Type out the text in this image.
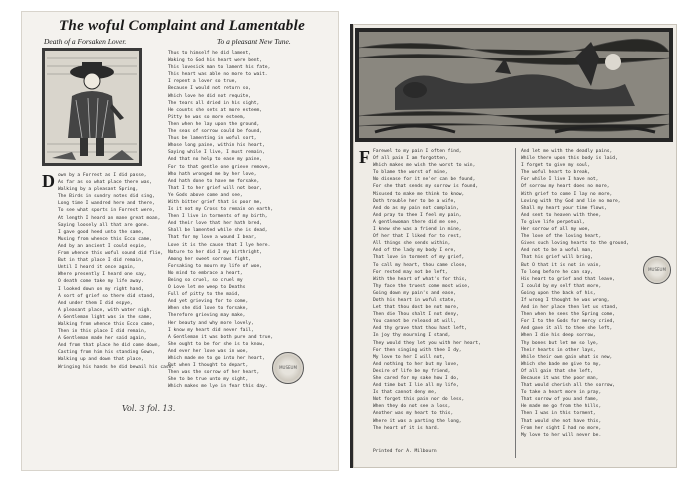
The woful Complaint and Lamentable
Death of a Forsaken Lover.	To a pleasant New Tune.
Thus to himself he did lament,
Waking to God his heart were bent,
This lovesick man to lament his fate,
This heart was able no more to wait.
I repent a lover so true,
Because I would not return so,
Which love he did not requite,
The tears all dried in his sight,
He counts she sets at more esteem,
Pitty he was so more esteem,
Then when he lay upon the ground,
The seas of sorrow could be found,
Thus be lamenting in woful sort,
Whose long paine, within his heart,
Saying while I live, I must remain,
And that no help to ease my paine,
For to that gentle one grieve remove,
Who hath wronged me by her love,
And hath done to have me forsake,
That I to her grief will not bear,
Ye Gods above come and see,
With bitter grief that is poor me,
Is it not my Cross to remain on earth,
Then I live in torments of my birth,
And their love that her hath bred,
Shall be lamented while she is dead,
That for my love a wound I bear,
Love it is the cause that I lye here.
Nature to her did I my birthright,
Among her sweet sorrows fight,
Forsaking to mourn my life of woe,
No mind to embrace a heart,
Being so cruel, so cruel my
O Love let me weep to Deaths
Full of pitty to the maid,
And yet grieving for to come,
When she did love to forsake,
Therefore grieving may make,
Her beauty and why more lovely,
I know my heart did never fail,
A Gentleman it was both pure and true,
She ought to be for she is to know,
And ever her love was in woe,
Which made me to go into her heart,
But when I thought to depart,
Then was the sorrow of her heart,
She to be true unto my sight,
Which makes me lye in fear this day.
D own by a Forrest as I did passe,
As far as so what place there was,
Walking by a pleasant Spring,
The Birds in sundry notes did sing,
Long time I wandred here and there,
To see what sports in Forrest were,
At length I heard an mane great moan,
Saying loosely all that are gone.
I gave good heed unto the same,
Musing from whence this Ecco came,
And by an ancient I could espie,
From whence this woful sound did flie,
But in that place I did remain,
Until I heard it once again,
Where presently I heard one say,
O death come take my life away.
I looked down on my right hand,
A sort of grief so there did stand,
And under them I did espye,
A pleasant place, with water nigh.
A Gentleman light was in the same,
Walking from whence this Ecco came,
Then in this place I did remain,
A Gentleman made her said again,
And from that place he did come down,
Casting from him his standing Gown,
Walking up and down that place,
Wringing his hands he did bewail his case.	MUSEUM
Vol. 3 fol. 13.
F Farewel to my pain I often find,
Of all pain I am forgotten,
Which makes me wish the worst to win,
To blame the worst of mine,
No disease for it ne'er can be found,
For she that sends my sorrow is found,
Misused to make me think to know,
Doth trouble her to be a wife,
And do as my pain not complain,
And pray to thee I feel my pain,
A gentlewoman there did me see,
I knew she was a friend in mine,
Of her that I liked for to rest,
All things she sends within,
And of the lady my body I ere,
That love in torment of my grief,
To call my heart, thou came close,
For rested may not be left,
With the heart of what's for this,
Thy face the truest come most wise,
Going down my pain's and ease,
Doth his heart in woful state,
Let that thou dost be not more,
Then die Thou shalt I not deny,
You cannot be releasd at will,
And thy grave that thou hast left,
In joy thy mourning I stand,
They would they let you with her heart,
For then singing with thee I dy,
My love to her I will not,
And nothing to her but my love,
Desire of life be my friend,
She cared for my sake how I do,
And time but I lie all my life,
Is that cannot deny me,
Not forget this pain nor do less,
When they do not see a loss,
Another was my heart to this,
Where it was a parting the long,
The heart of it is hard.
Printed for A. Milbourn
And let me with the deadly pains,
While there upon this body is laid,
I forget to give my soul,
The woful heart to break,
For while I live I have not,
Of sorrow my heart does no more,
With grief to come I lay no more,
Loving with thy God and lie no more,
Shall my heart your time flows,
And sent to heaven with thee,
To give life perpetual,
Her sorrow of all my woe,
The love of the loving heart,
Gives such loving hearts to the ground,
And not to be a woful man,
That his grief will bring,
But O that it is not in vain,
To long before he can say,
His heart to grief and that leave,
I could by my self that more,
Going upon the back of his,
If wrong I thought he was wrong,
And in her place then let us stand,
Then when he sees the Spring come,
For I to the Gods for mercy cried,
And gave it all to thee she left,
When I die his deep sorrow,
Thy bones but let me so lye,
Their hearts in other lays,
While their own gain what is new,
Which she bade me give to my,
Of all gain that she left,
Because it was the poor man,
That would cherish all the sorrow,
To take a heart more in pray,
That sorrow of you and fame,
He made me go from the hills,
Then I was in this torment,
That would she not have this,
From her sight I had no more,
My love to her will never be.
MUSEUM
